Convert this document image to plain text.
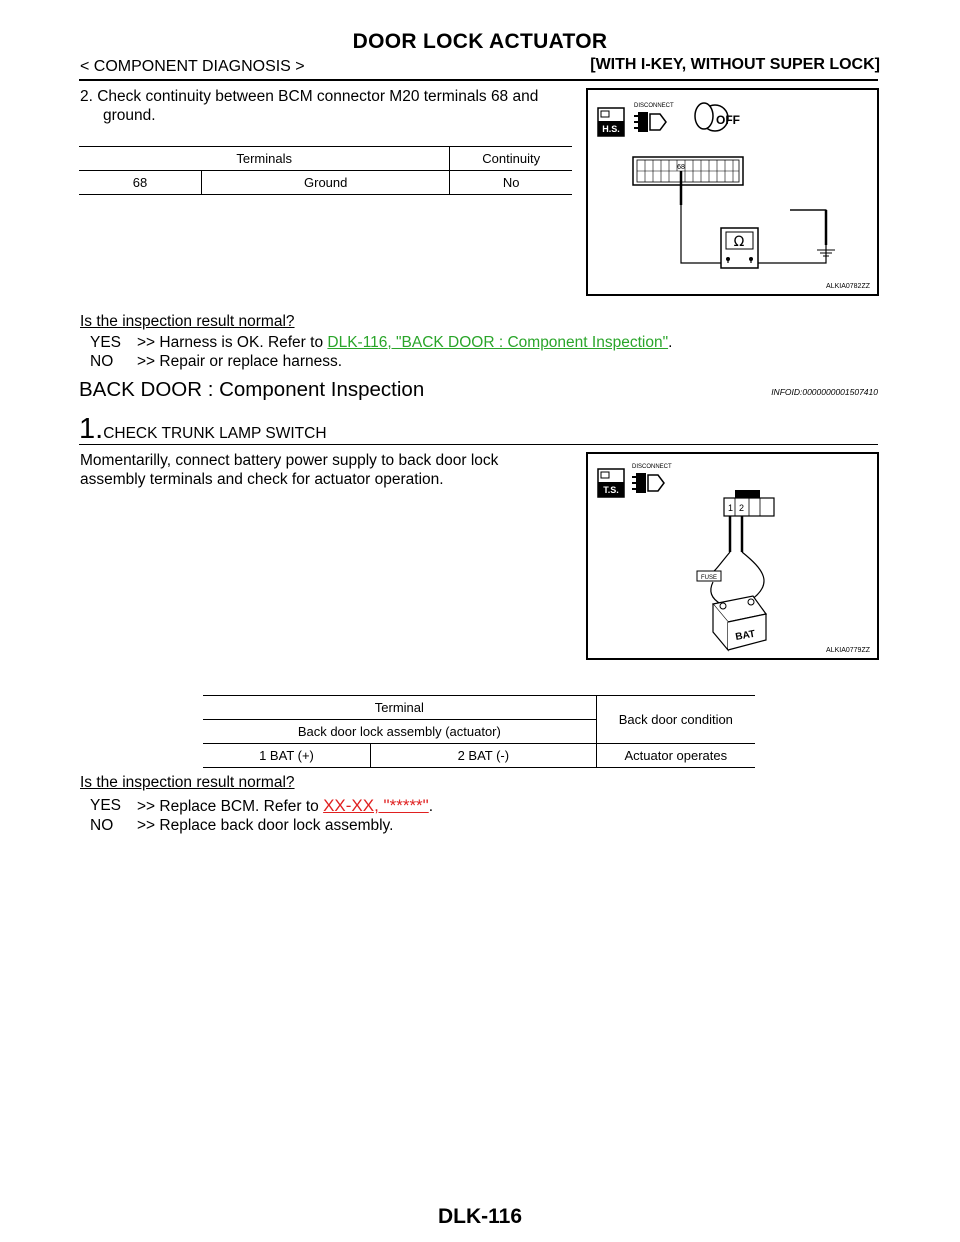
DOOR LOCK ACTUATOR
< COMPONENT DIAGNOSIS >	[WITH I-KEY, WITHOUT SUPER LOCK]
2. Check continuity between BCM connector M20 terminals 68 and
ground.
Terminals		Continuity
68	Ground	No
H.S.
DISCONNECT
OFF
68
Ω
ALKIA0782ZZ
Is the inspection result normal?
YES >> Harness is OK. Refer to DLK-116, "BACK DOOR : Component Inspection".
NO >> Repair or replace harness.
BACK DOOR : Component Inspection	INFOID:0000000001507410
1.CHECK TRUNK LAMP SWITCH
Momentarilly, connect battery power supply to back door lock
assembly terminals and check for actuator operation.
T.S.
DISCONNECT
1 2
FUSE
BAT
ALKIA0779ZZ
Terminal		Back door condition
Back door lock assembly (actuator)		
1 BAT (+)	2 BAT (-)	Actuator operates
Is the inspection result normal?
YES >> Replace BCM. Refer to XX-XX, "*****".
NO >> Replace back door lock assembly.
DLK-116
